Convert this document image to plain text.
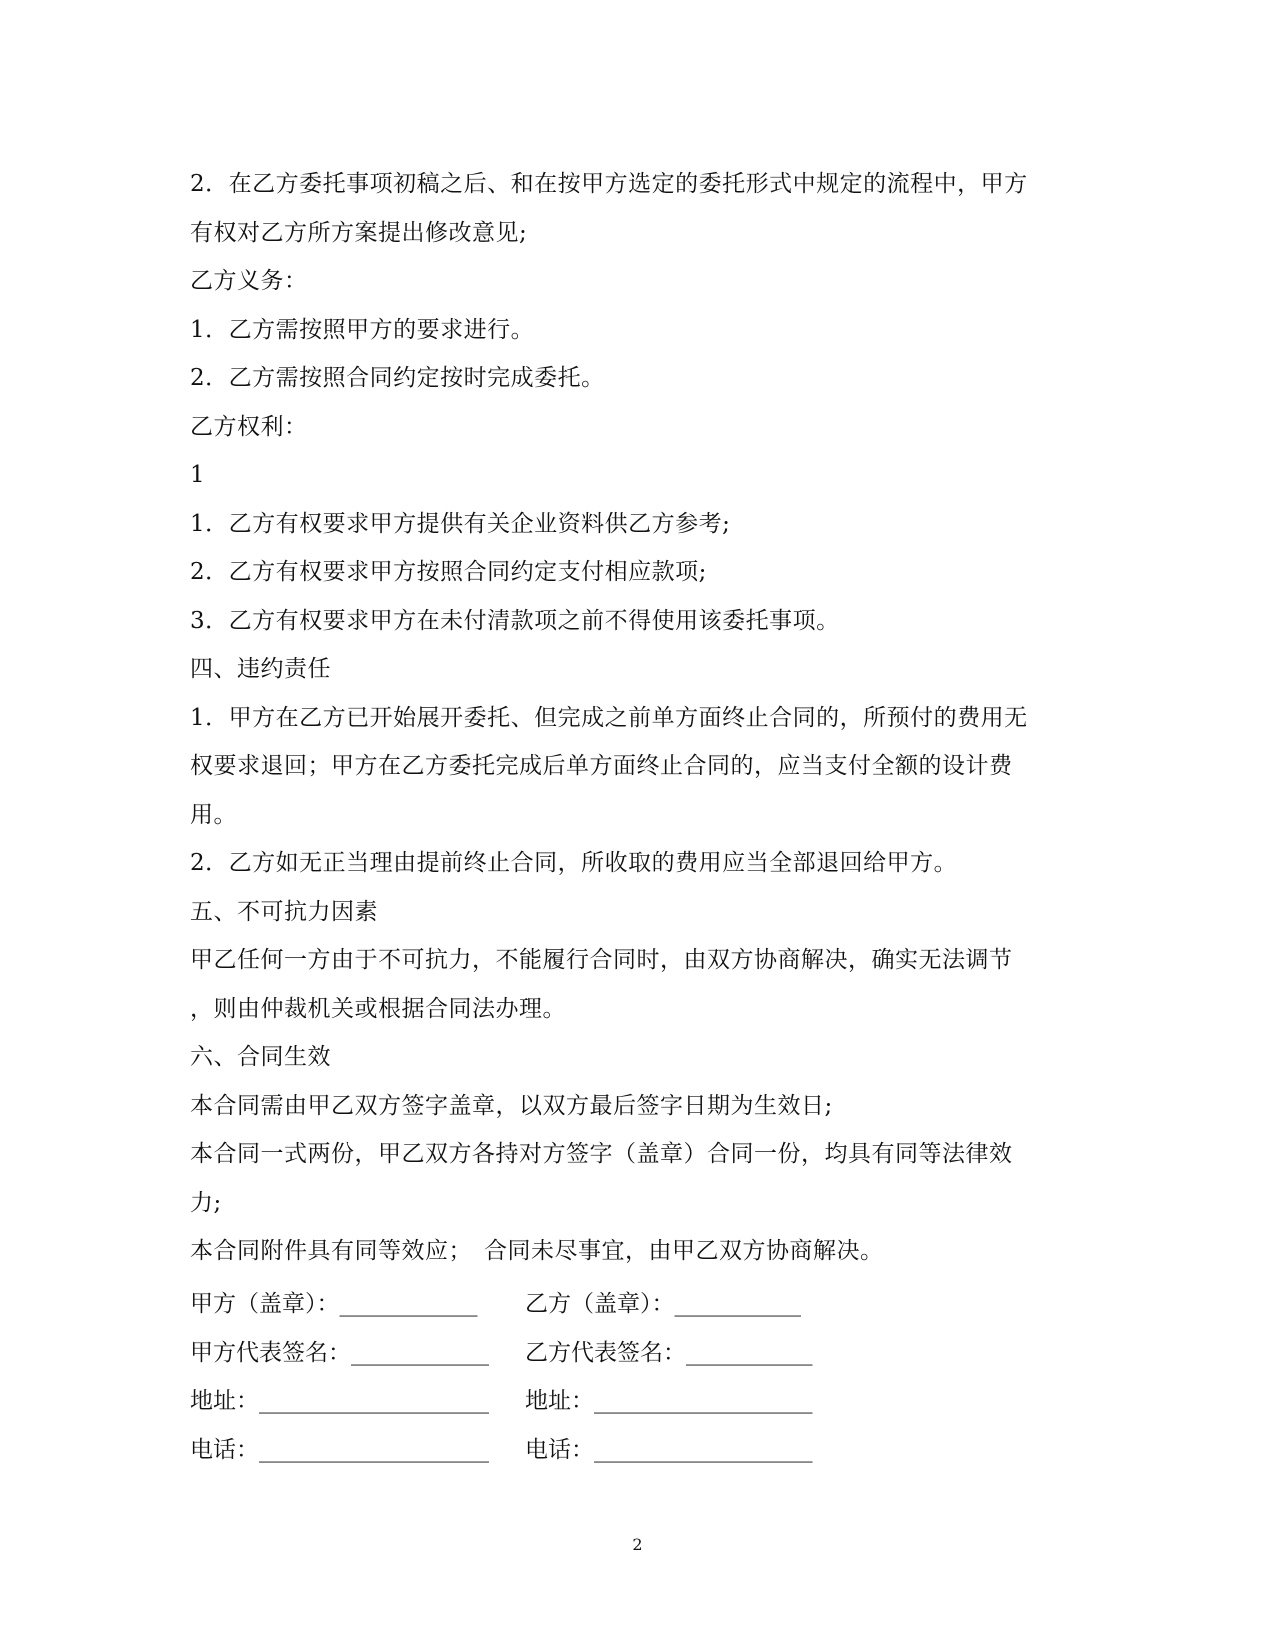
2．在乙方委托事项初稿之后、和在按甲方选定的委托形式中规定的流程中，甲方
有权对乙方所方案提出修改意见;
乙方义务：
1．乙方需按照甲方的要求进行。
2．乙方需按照合同约定按时完成委托。
乙方权利：
1
1．乙方有权要求甲方提供有关企业资料供乙方参考;
2．乙方有权要求甲方按照合同约定支付相应款项;
3．乙方有权要求甲方在未付清款项之前不得使用该委托事项。
四、违约责任
1．甲方在乙方已开始展开委托、但完成之前单方面终止合同的，所预付的费用无
权要求退回；甲方在乙方委托完成后单方面终止合同的，应当支付全额的设计费
用。
2．乙方如无正当理由提前终止合同，所收取的费用应当全部退回给甲方。
五、不可抗力因素
甲乙任何一方由于不可抗力，不能履行合同时，由双方协商解决，确实无法调节
，则由仲裁机关或根据合同法办理。
六、合同生效
本合同需由甲乙双方签字盖章，以双方最后签字日期为生效日;
本合同一式两份，甲乙双方各持对方签字（盖章）合同一份，均具有同等法律效
力;
本合同附件具有同等效应；　合同未尽事宜，由甲乙双方协商解决。
甲方（盖章）：____________	乙方（盖章）：___________
甲方代表签名：____________	乙方代表签名：___________
地址：____________________	地址：___________________
电话：____________________	电话：___________________
2
